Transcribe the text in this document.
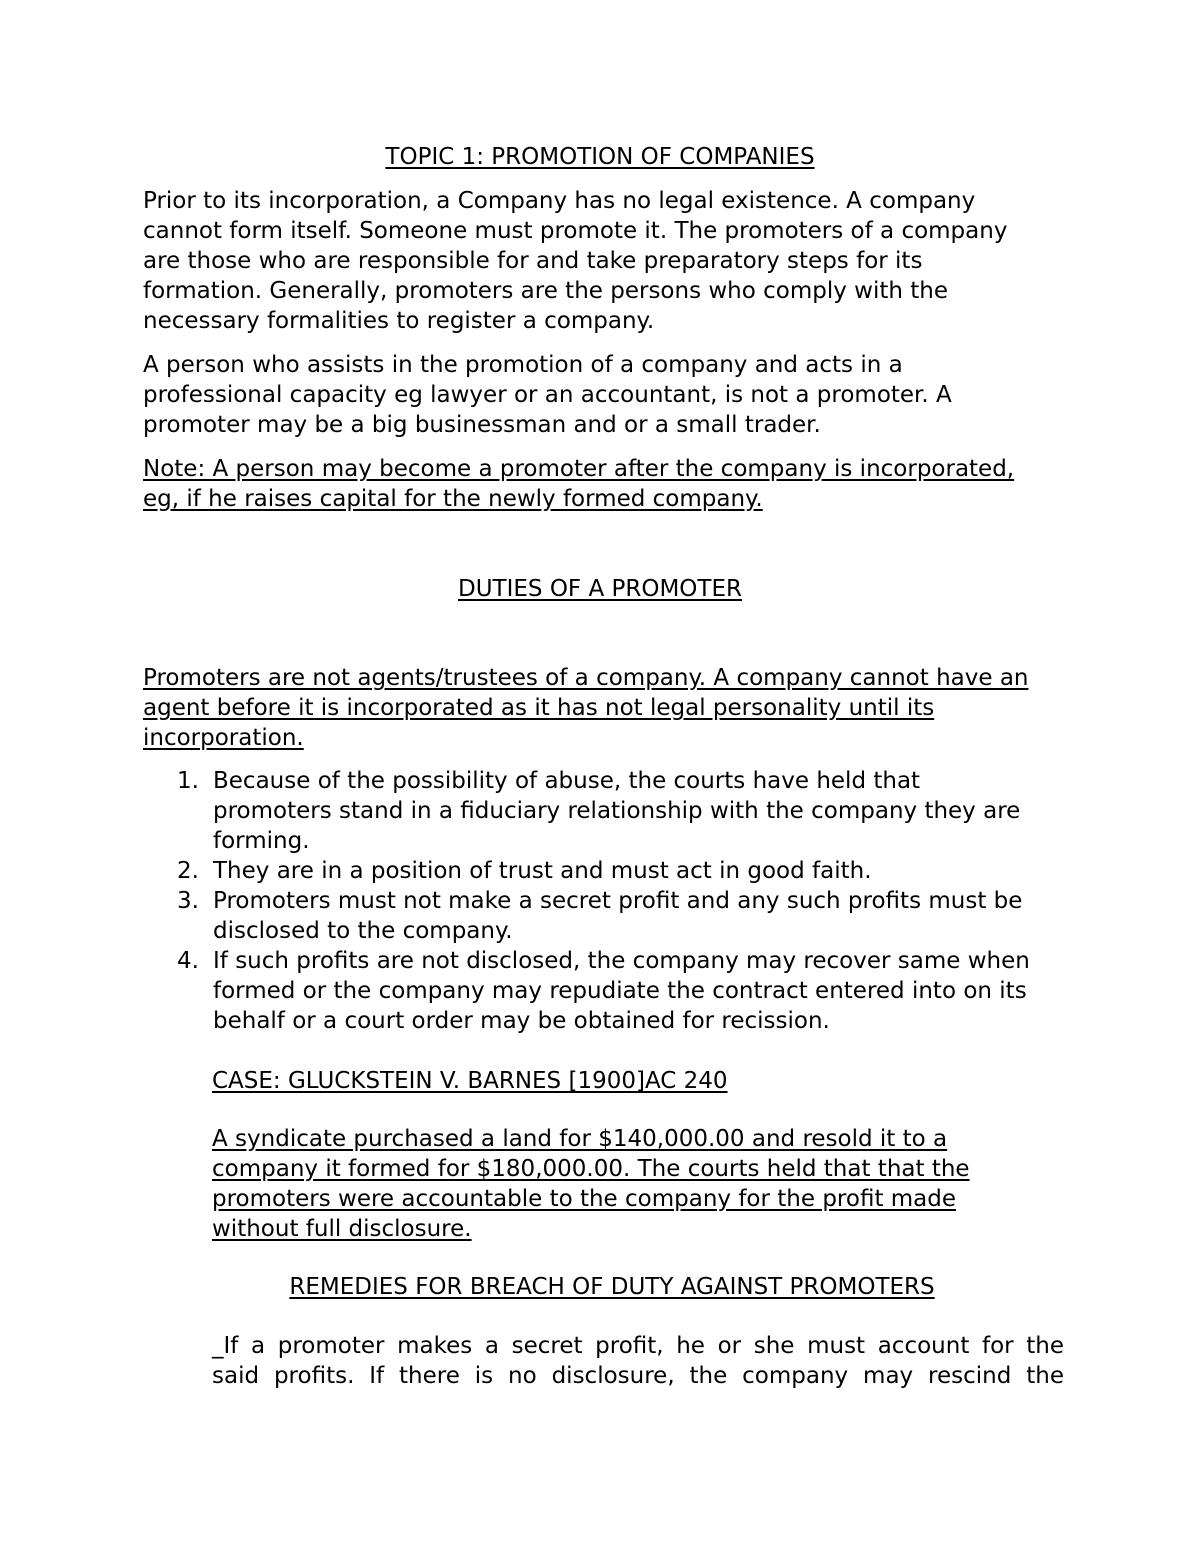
TOPIC 1: PROMOTION OF COMPANIES
Prior to its incorporation, a Company has no legal existence. A company
cannot form itself. Someone must promote it. The promoters of a company
are those who are responsible for and take preparatory steps for its
formation. Generally, promoters are the persons who comply with the
necessary formalities to register a company.
A person who assists in the promotion of a company and acts in a
professional capacity eg lawyer or an accountant, is not a promoter. A
promoter may be a big businessman and or a small trader.
Note: A person may become a promoter after the company is incorporated,
eg, if he raises capital for the newly formed company.
DUTIES OF A PROMOTER
Promoters are not agents/trustees of a company. A company cannot have an
agent before it is incorporated as it has not legal personality until its
incorporation.
1. Because of the possibility of abuse, the courts have held that
promoters stand in a fiduciary relationship with the company they are
forming.
2. They are in a position of trust and must act in good faith.
3. Promoters must not make a secret profit and any such profits must be
disclosed to the company.
4. If such profits are not disclosed, the company may recover same when
formed or the company may repudiate the contract entered into on its
behalf or a court order may be obtained for recission.
CASE: GLUCKSTEIN V. BARNES [1900]AC 240
A syndicate purchased a land for $140,000.00 and resold it to a
company it formed for $180,000.00. The courts held that that the
promoters were accountable to the company for the profit made
without full disclosure.
REMEDIES FOR BREACH OF DUTY AGAINST PROMOTERS
_If a promoter makes a secret profit, he or she must account for the
said profits. If there is no disclosure, the company may rescind the
